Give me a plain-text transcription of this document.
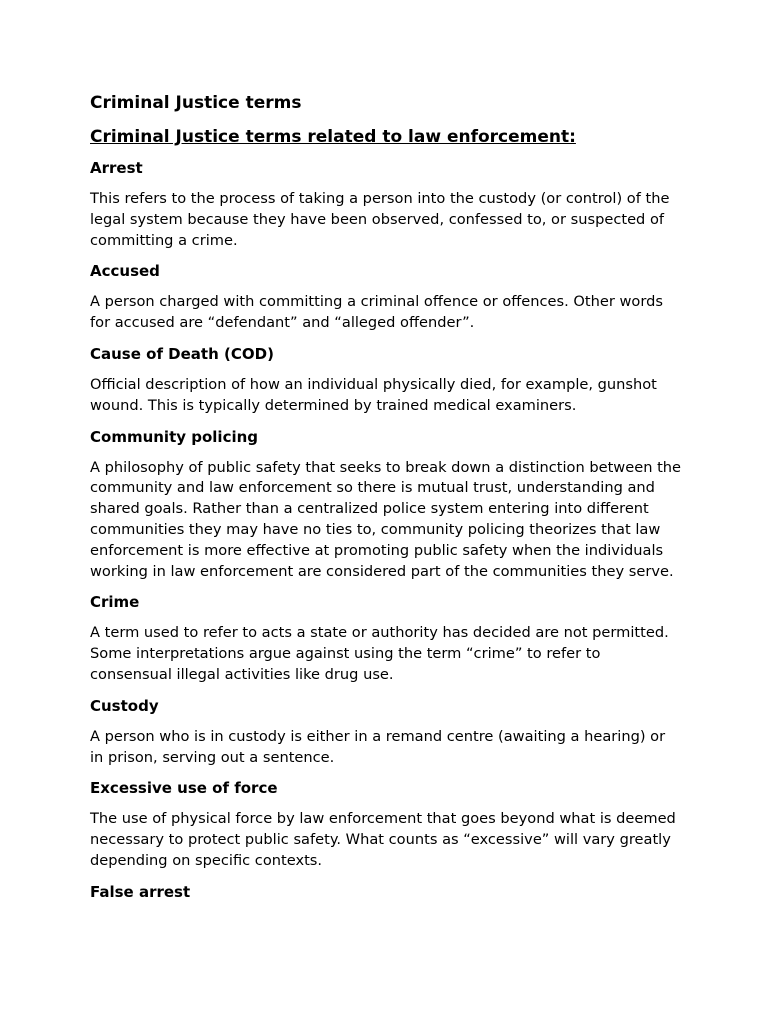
Criminal Justice terms
Criminal Justice terms related to law enforcement:
Arrest
This refers to the process of taking a person into the custody (or control) of the legal system because they have been observed, confessed to, or suspected of committing a crime.
Accused
A person charged with committing a criminal offence or offences. Other words for accused are “defendant” and “alleged offender”.
Cause of Death (COD)
Official description of how an individual physically died, for example, gunshot wound. This is typically determined by trained medical examiners.
Community policing
A philosophy of public safety that seeks to break down a distinction between the community and law enforcement so there is mutual trust, understanding and shared goals. Rather than a centralized police system entering into different communities they may have no ties to, community policing theorizes that law enforcement is more effective at promoting public safety when the individuals working in law enforcement are considered part of the communities they serve.
Crime
A term used to refer to acts a state or authority has decided are not permitted. Some interpretations argue against using the term “crime” to refer to consensual illegal activities like drug use.
Custody
A person who is in custody is either in a remand centre (awaiting a hearing) or in prison, serving out a sentence.
Excessive use of force
The use of physical force by law enforcement that goes beyond what is deemed necessary to protect public safety. What counts as “excessive” will vary greatly depending on specific contexts.
False arrest
